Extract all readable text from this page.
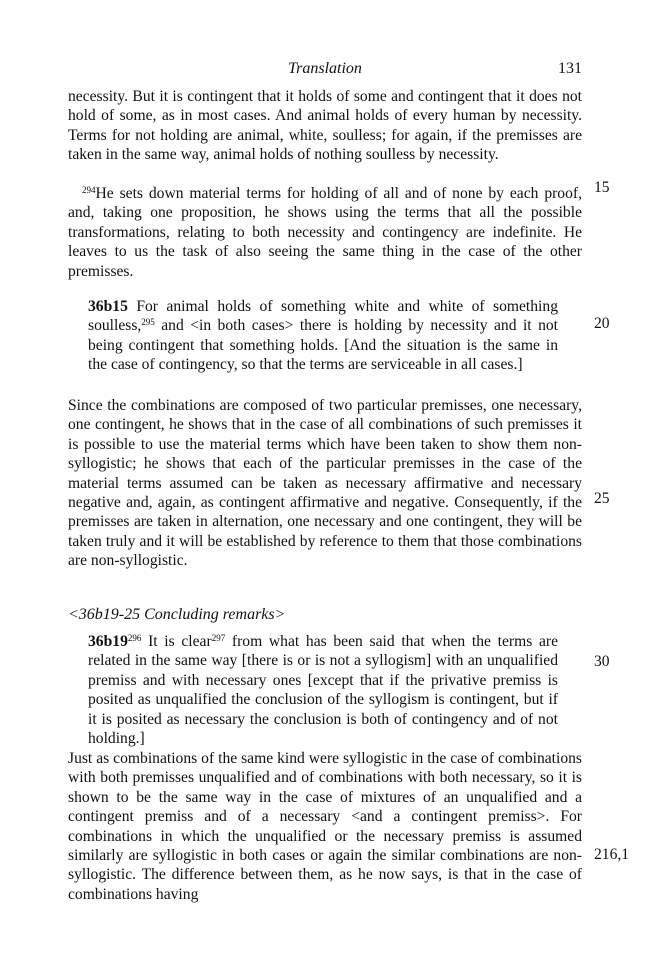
Translation	131

necessity. But it is contingent that it holds of some and contingent that it does not hold of some, as in most cases. And animal holds of every human by necessity. Terms for not holding are animal, white, soulless; for again, if the premisses are taken in the same way, animal holds of nothing soulless by necessity.

$^{294}$He sets down material terms for holding of all and of none by each proof, and, taking one proposition, he shows using the terms that all the possible transformations, relating to both necessity and contingency are indefinite. He leaves to us the task of also seeing the same thing in the case of the other premisses.

36b15 For animal holds of something white and white of something soulless,$^{295}$ and <in both cases> there is holding by necessity and it not being contingent that something holds. [And the situation is the same in the case of contingency, so that the terms are serviceable in all cases.]

Since the combinations are composed of two particular premisses, one necessary, one contingent, he shows that in the case of all combinations of such premisses it is possible to use the material terms which have been taken to show them non-syllogistic; he shows that each of the particular premisses in the case of the material terms assumed can be taken as necessary affirmative and necessary negative and, again, as contingent affirmative and negative. Consequently, if the premisses are taken in alternation, one necessary and one contingent, they will be taken truly and it will be established by reference to them that those combinations are non-syllogistic.

<36b19-25 Concluding remarks>

$36b19^{296}$ It is clear$^{297}$ from what has been said that when the terms are related in the same way [there is or is not a syllogism] with an unqualified premiss and with necessary ones [except that if the privative premiss is posited as unqualified the conclusion of the syllogism is contingent, but if it is posited as necessary the conclusion is both of contingency and of not holding.]

Just as combinations of the same kind were syllogistic in the case of combinations with both premisses unqualified and of combinations with both necessary, so it is shown to be the same way in the case of mixtures of an unqualified and a contingent premiss and of a necessary <and a contingent premiss>. For combinations in which the unqualified or the necessary premiss is assumed similarly are syllogistic in both cases or again the similar combinations are non-syllogistic. The difference between them, as he now says, is that in the case of combinations having

15
20
25
30
216,1
